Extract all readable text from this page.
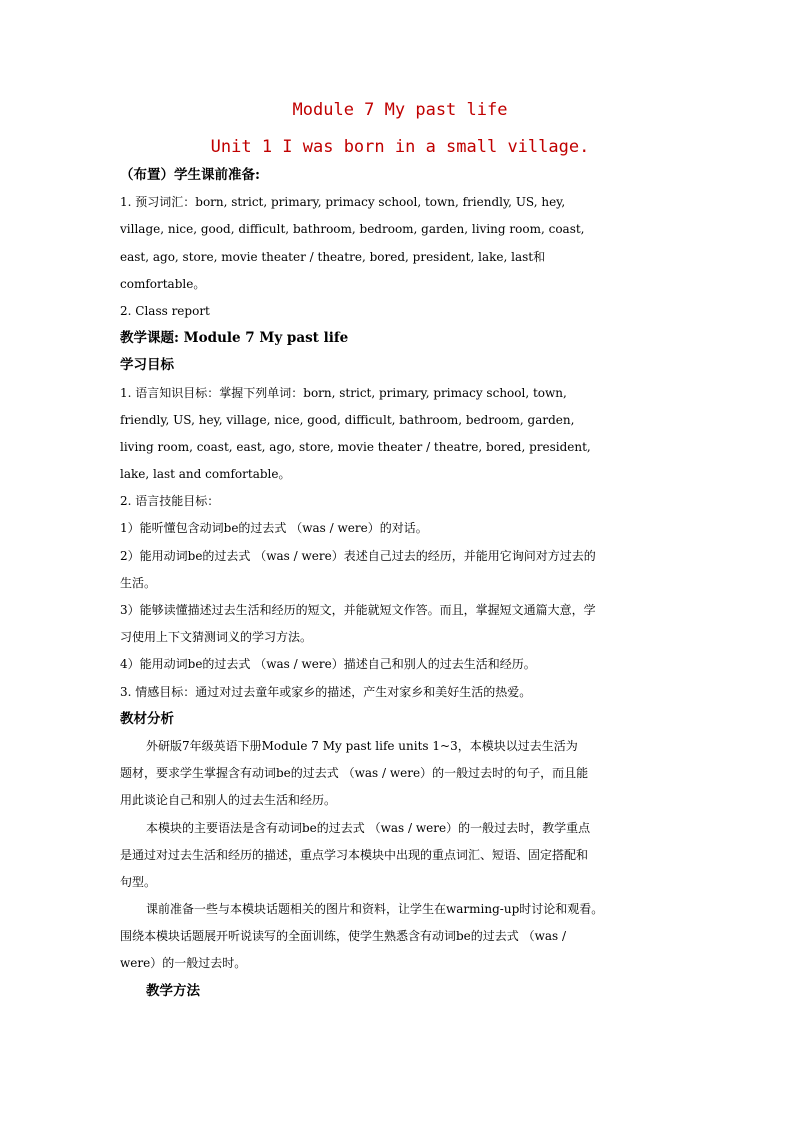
Module 7 My past life
Unit 1 I was born in a small village.
（布置）学生课前准备:
1. 预习词汇：born, strict, primary, primacy school, town, friendly, US, hey,
village, nice, good, difficult, bathroom, bedroom, garden, living room, coast,
east, ago, store, movie theater / theatre, bored, president, lake, last和
comfortable。
2. Class report
教学课题: Module 7 My past life
学习目标
1. 语言知识目标：掌握下列单词：born, strict, primary, primacy school, town,
friendly, US, hey, village, nice, good, difficult, bathroom, bedroom, garden,
living room, coast, east, ago, store, movie theater / theatre, bored, president,
lake, last and comfortable。
2. 语言技能目标：
1）能听懂包含动词be的过去式 （was / were）的对话。
2）能用动词be的过去式 （was / were）表述自己过去的经历，并能用它询问对方过去的
生活。
3）能够读懂描述过去生活和经历的短文，并能就短文作答。而且，掌握短文通篇大意，学
习使用上下文猜测词义的学习方法。
4）能用动词be的过去式 （was / were）描述自己和别人的过去生活和经历。
3. 情感目标：通过对过去童年或家乡的描述，产生对家乡和美好生活的热爱。
教材分析
外研版7年级英语下册Module 7 My past life units 1~3，本模块以过去生活为
题材，要求学生掌握含有动词be的过去式 （was / were）的一般过去时的句子，而且能
用此谈论自己和别人的过去生活和经历。
本模块的主要语法是含有动词be的过去式 （was / were）的一般过去时，教学重点
是通过对过去生活和经历的描述，重点学习本模块中出现的重点词汇、短语、固定搭配和
句型。
课前准备一些与本模块话题相关的图片和资料，让学生在warming-up时讨论和观看。
围绕本模块话题展开听说读写的全面训练，使学生熟悉含有动词be的过去式 （was /
were）的一般过去时。
教学方法
